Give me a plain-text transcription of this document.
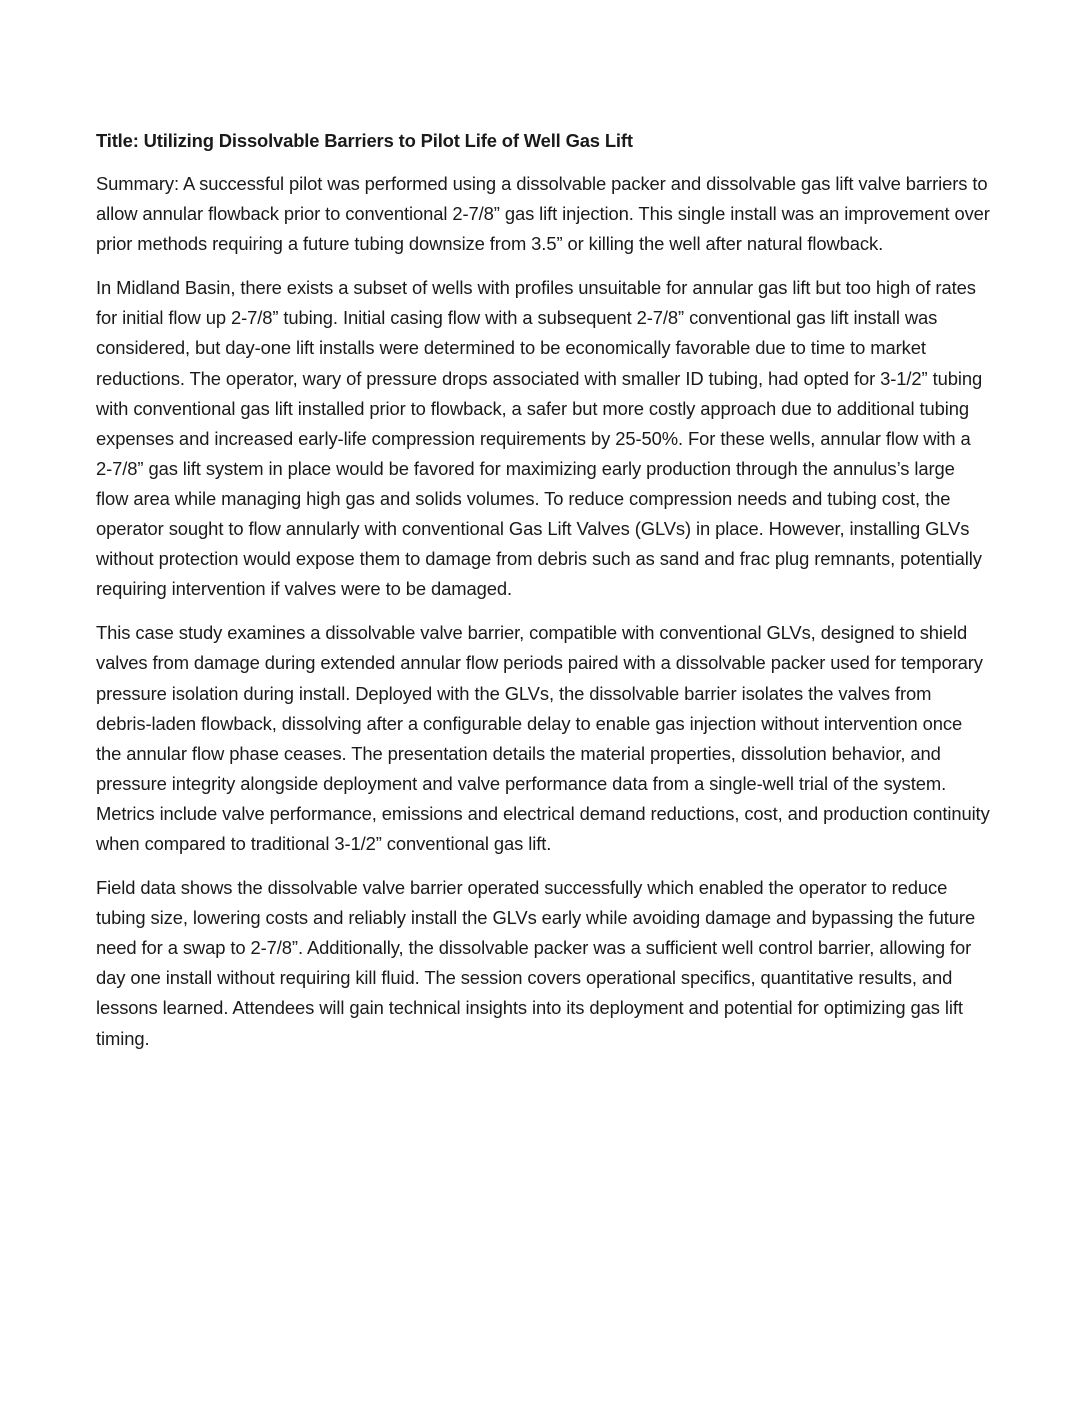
Title: Utilizing Dissolvable Barriers to Pilot Life of Well Gas Lift

Summary: A successful pilot was performed using a dissolvable packer and dissolvable gas lift valve barriers to allow annular flowback prior to conventional 2-7/8” gas lift injection. This single install was an improvement over prior methods requiring a future tubing downsize from 3.5” or killing the well after natural flowback.

In Midland Basin, there exists a subset of wells with profiles unsuitable for annular gas lift but too high of rates for initial flow up 2-7/8” tubing. Initial casing flow with a subsequent 2-7/8” conventional gas lift install was considered, but day-one lift installs were determined to be economically favorable due to time to market reductions. The operator, wary of pressure drops associated with smaller ID tubing, had opted for 3-1/2” tubing with conventional gas lift installed prior to flowback, a safer but more costly approach due to additional tubing expenses and increased early-life compression requirements by 25-50%. For these wells, annular flow with a 2-7/8” gas lift system in place would be favored for maximizing early production through the annulus’s large flow area while managing high gas and solids volumes. To reduce compression needs and tubing cost, the operator sought to flow annularly with conventional Gas Lift Valves (GLVs) in place. However, installing GLVs without protection would expose them to damage from debris such as sand and frac plug remnants, potentially requiring intervention if valves were to be damaged.

This case study examines a dissolvable valve barrier, compatible with conventional GLVs, designed to shield valves from damage during extended annular flow periods paired with a dissolvable packer used for temporary pressure isolation during install. Deployed with the GLVs, the dissolvable barrier isolates the valves from debris-laden flowback, dissolving after a configurable delay to enable gas injection without intervention once the annular flow phase ceases. The presentation details the material properties, dissolution behavior, and pressure integrity alongside deployment and valve performance data from a single-well trial of the system. Metrics include valve performance, emissions and electrical demand reductions, cost, and production continuity when compared to traditional 3-1/2” conventional gas lift.

Field data shows the dissolvable valve barrier operated successfully which enabled the operator to reduce tubing size, lowering costs and reliably install the GLVs early while avoiding damage and bypassing the future need for a swap to 2-7/8”. Additionally, the dissolvable packer was a sufficient well control barrier, allowing for day one install without requiring kill fluid. The session covers operational specifics, quantitative results, and lessons learned. Attendees will gain technical insights into its deployment and potential for optimizing gas lift timing.
